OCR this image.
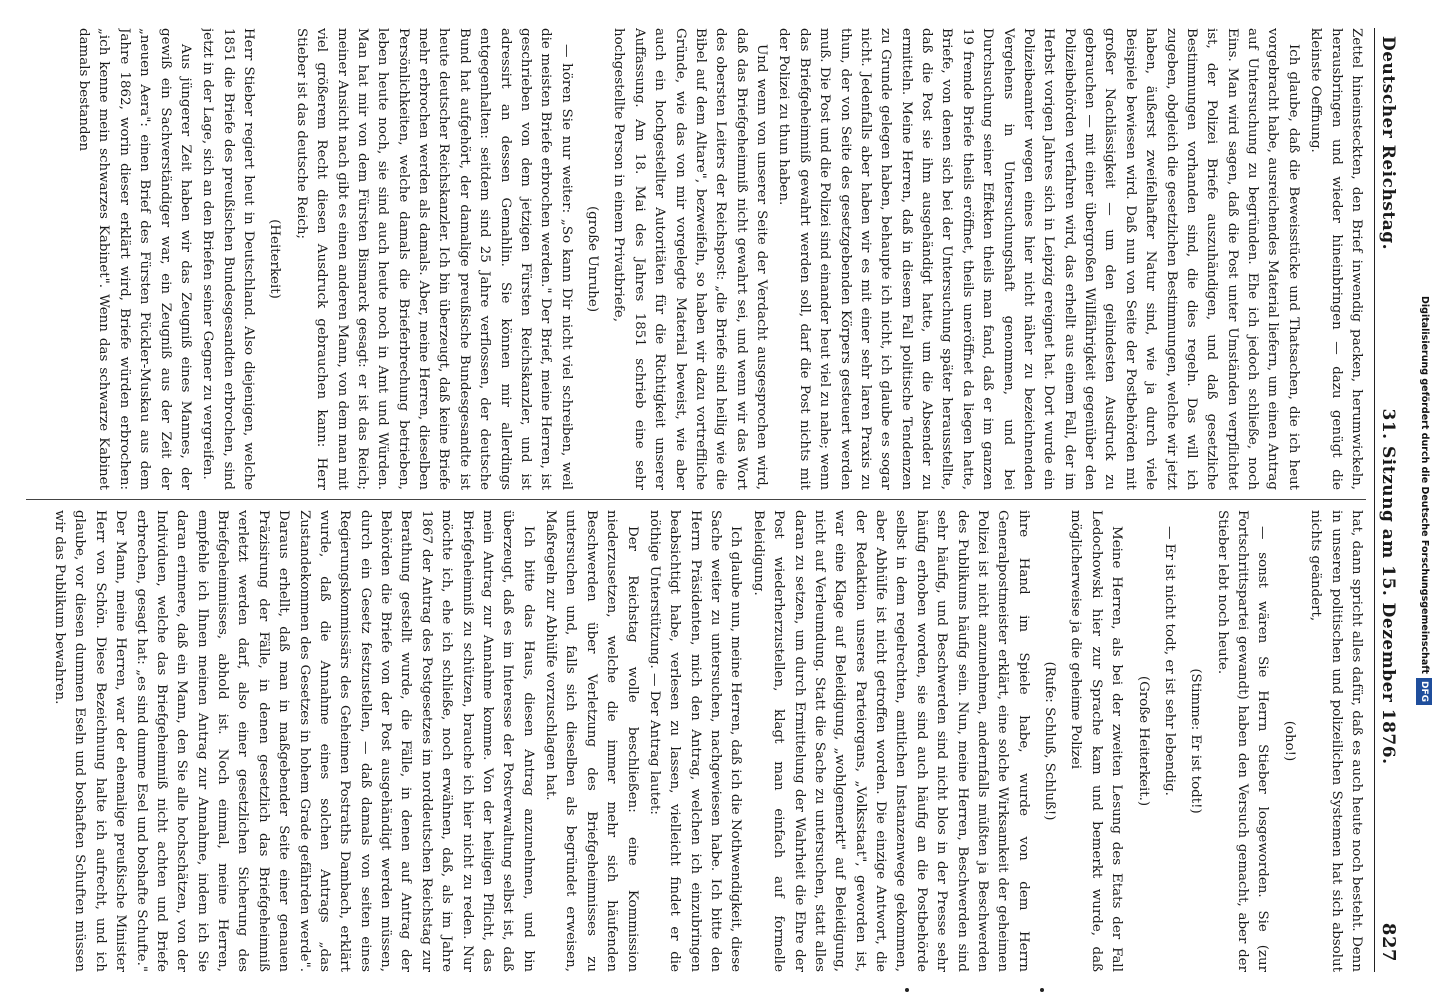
Deutscher Reichstag.
31. Sitzung am 15. Dezember 1876.
827

Zettel hineinsteckten, den Brief inwendig packen, herumwickeln, herausbringen und wieder hineinbringen — dazu genügt die kleinste Oeffnung.

Ich glaube, daß die Beweisstücke und Thatsachen, die ich heut vorgebracht habe, ausreichendes Material liefern, um einen Antrag auf Untersuchung zu begründen. Ehe ich jedoch schließe, noch Eins. Man wird sagen, daß die Post unter Umständen verpflichtet ist, der Polizei Briefe auszuhändigen, und daß gesetzliche Bestimmungen vorhanden sind, die dies regeln. Das will ich zugeben, obgleich die gesetzlichen Bestimmungen, welche wir jetzt haben, äußerst zweifelhafter Natur sind, wie ja durch viele Beispiele bewiesen wird. Daß nun von Seite der Postbehörden mit großer Nachlässigkeit — um den gelindesten Ausdruck zu gebrauchen — mit einer übergroßen Willfährigkeit gegenüber den Polizeibehörden verfahren wird, das erhellt aus einem Fall, der im Herbst vorigen Jahres sich in Leipzig ereignet hat. Dort wurde ein Polizeibeamter wegen eines hier nicht näher zu bezeichnenden Vergehens in Untersuchungshaft genommen, und bei Durchsuchung seiner Effekten theils man fand, daß er im ganzen 19 fremde Briefe theils eröffnet, theils uneröffnet da liegen hatte, Briefe, von denen sich bei der Untersuchung später herausstellte, daß die Post sie ihm ausgehändigt hatte, um die Absender zu ermitteln. Meine Herren, daß in diesem Fall politische Tendenzen zu Grunde gelegen haben, behaupte ich nicht, ich glaube es sogar nicht. Jedenfalls aber haben wir es mit einer sehr laren Praxis zu thun, der von Seite des gesetzgebenden Körpers gesteuert werden muß. Die Post und die Polizei sind einander heut viel zu nahe; wenn das Briefgeheimniß gewahrt werden soll, darf die Post nichts mit der Polizei zu thun haben.

Und wenn von unserer Seite der Verdacht ausgesprochen wird, daß das Briefgeheimniß nicht gewahrt sei, und wenn wir das Wort des obersten Leiters der Reichspost: „die Briefe sind heilig wie die Bibel auf dem Altare", bezweifeln, so haben wir dazu vortreffliche Gründe, wie das von mir vorgelegte Material beweist, wie aber auch ein hochgestellter Autoritäten für die Richtigkeit unserer Auffassung. Am 18. Mai des Jahres 1851 schrieb eine sehr hochgestellte Person in einem Privatbriefe,

(große Unruhe)

— hören Sie nur weiter: „So kann Dir nicht viel schreiben, weil die meisten Briefe erbrochen werden." Der Brief, meine Herren, ist geschrieben von dem jetzigen Fürsten Reichskanzler, und ist adressirt an dessen Gemahlin. Sie können mir allerdings entgegenhalten: seitdem sind 25 Jahre verflossen, der deutsche Bund hat aufgehört, der damalige preußische Bundesgesandte ist heute deutscher Reichskanzler. Ich bin überzeugt, daß keine Briefe mehr erbrochen werden als damals. Aber, meine Herren, dieselben Persönlichkeiten, welche damals die Brieferbrechung betrieben, leben heute noch, sie sind auch heute noch in Amt und Würden. Man hat mir von dem Fürsten Bismarck gesagt: er ist das Reich; meiner Ansicht nach gibt es einen anderen Mann, von dem man mit viel größerem Recht diesen Ausdruck gebrauchen kann: Herr Stieber ist das deutsche Reich;

(Heiterkeit)

Herr Stieber regiert heut in Deutschland. Also diejenigen, welche 1851 die Briefe des preußischen Bundesgesandten erbrochen, sind jetzt in der Lage, sich an den Briefen seiner Gegner zu vergreifen.

Aus jüngerer Zeit haben wir das Zeugniß eines Mannes, der gewiß ein Sachverständiger war, ein Zeugniß aus der Zeit der „neuen Aera": einen Brief des Fürsten Pückler-Muskau aus dem Jahre 1862, worin dieser erklärt wird, Briefe würden erbrochen: „ich kenne mein schwarzes Kabinet". Wenn das schwarze Kabinet damals bestanden

hat, dann spricht alles dafür, daß es auch heute noch besteht. Denn in unseren politischen und polizeilichen Systemen hat sich absolut nichts geändert,

(oho!)

— sonst wären Sie Herrn Stieber losgeworden. Sie (zur Fortschrittspartei gewandt) haben den Versuch gemacht, aber der Stieber lebt noch heute.

(Stimme: Er ist todt!)

— Er ist nicht todt, er ist sehr lebendig.

(Große Heiterkeit.)

Meine Herren, als bei der zweiten Lesung des Etats der Fall Ledochowski hier zur Sprache kam und bemerkt wurde, daß möglicherweise ja die geheime Polizei

(Rufe: Schluß, Schluß!)

ihre Hand im Spiele habe, wurde von dem Herrn Generalpostmeister erklärt, eine solche Wirksamkeit der geheimen Polizei ist nicht anzunehmen, andernfalls müßten ja Beschwerden des Publikums häufig sein. Nun, meine Herren, Beschwerden sind sehr häufig, und Beschwerden sind nicht blos in der Presse sehr häufig erhoben worden, sie sind auch häufig an die Postbehörde selbst in dem regelrechten, amtlichen Instanzenwege gekommen, aber Abhülfe ist nicht getroffen worden. Die einzige Antwort, die der Redaktion unseres Parteiorgans, „Volksstaat", geworden ist, war eine Klage auf Beleidigung, „wohlgemerkt" auf Beleidigung, nicht auf Verleumdung. Statt die Sache zu untersuchen, statt alles daran zu setzen, um durch Ermittelung der Wahrheit die Ehre der Post wiederherzustellen, klagt man einfach auf formelle Beleidigung.

Ich glaube nun, meine Herren, daß ich die Nothwendigkeit, diese Sache weiter zu untersuchen, nachgewiesen habe. Ich bitte den Herrn Präsidenten, mich den Antrag, welchen ich einzubringen beabsichtigt habe, verlesen zu lassen, vielleicht findet er die nöthige Unterstützung. — Der Antrag lautet:

Der Reichstag wolle beschließen: eine Kommission niederzusetzen, welche die immer mehr sich häufenden Beschwerden über Verletzung des Briefgeheimnisses zu untersuchen und, falls sich dieselben als begründet erweisen, Maßregeln zur Abhülfe vorzuschlagen hat.

Ich bitte das Haus, diesen Antrag anzunehmen, und bin überzeugt, daß es im Interesse der Postverwaltung selbst ist, daß mein Antrag zur Annahme komme. Von der heiligen Pflicht, das Briefgeheimniß zu schützen, brauche ich hier nicht zu reden. Nur möchte ich, ehe ich schließe, noch erwähnen, daß, als im Jahre 1867 der Antrag des Postgesetzes im norddeutschen Reichstag zur Berathung gestellt wurde, die Fälle, in denen auf Antrag der Behörden die Briefe von der Post ausgehändigt werden müssen, durch ein Gesetz festzustellen, — daß damals von seiten eines Regierungskommissärs des Geheimen Postraths Dambach, erklärt wurde, daß die Annahme eines solchen Antrags „das Zustandekommen des Gesetzes in hohem Grade gefährden werde". Daraus erhellt, daß man in maßgebender Seite einer genauen Präzisirung der Fälle, in denen gesetzlich das Briefgeheimniß verletzt werden darf, also einer gesetzlichen Sicherung des Briefgeheimnisses, abhold ist. Noch einmal, meine Herren, empfehle ich Ihnen meinen Antrag zur Annahme, indem ich Sie daran erinnere, daß ein Mann, den Sie alle hochschätzen, von der Individuen, welche das Briefgeheimniß nicht achten und Briefe erbrechen, gesagt hat: „es sind dumme Esel und boshafte Schufte." Der Mann, meine Herren, war der ehemalige preußische Minister Herr von Schön. Diese Bezeichnung halte ich aufrecht, und ich glaube, vor diesen dummen Eseln und boshaften Schuften müssen wir das Publikum bewahren.	Digitalisierung gefördert durch die Deutsche ForschungsgemeinschaftDFG
